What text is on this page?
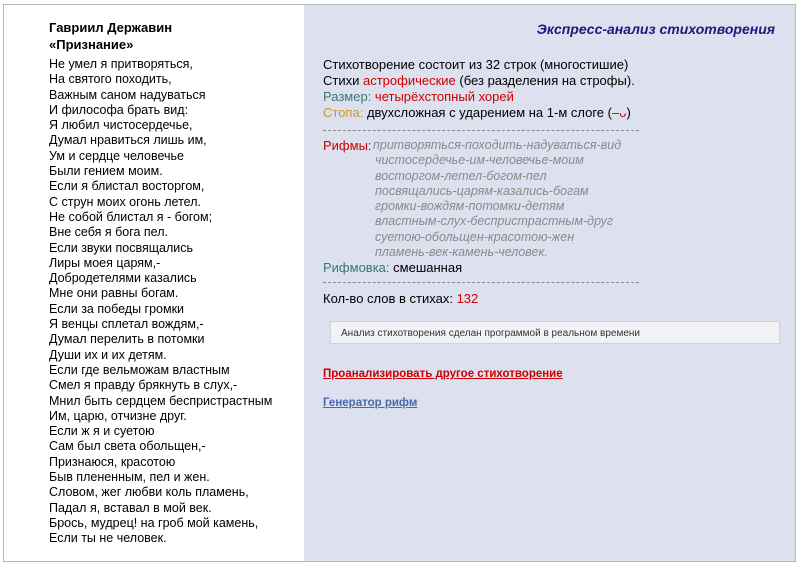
Гавриил Державин
«Признание»
Не умел я притворяться,
На святого походить,
Важным саном надуваться
И философа брать вид:
Я любил чистосердечье,
Думал нравиться лишь им,
Ум и сердце человечье
Были гением моим.
Если я блистал восторгом,
С струн моих огонь летел.
Не собой блистал я - богом;
Вне себя я бога пел.
Если звуки посвящались
Лиры моея царям,-
Добродетелями казались
Мне они равны богам.
Если за победы громки
Я венцы сплетал вождям,-
Думал перелить в потомки
Души их и их детям.
Если где вельможам властным
Смел я правду брякнуть в слух,-
Мнил быть сердцем беспристрастным
Им, царю, отчизне друг.
Если ж я и суетою
Сам был света обольщен,-
Признаюся, красотою
Быв плененным, пел и жен.
Словом, жег любви коль пламень,
Падал я, вставал в мой век.
Брось, мудрец! на гроб мой камень,
Если ты не человек.
Экспресс-анализ стихотворения
Стихотворение состоит из 32 строк (многостишие)
Стихи астрофические (без разделения на строфы).
Размер: четырёхстопный хорей
Стопа: двухсложная с ударением на 1-м слоге (–ᴗ)
Рифмы: притворяться-походить-надуваться-вид
чистосердечье-им-человечье-моим
восторгом-летел-богом-пел
посвящались-царям-казались-богам
громки-вождям-потомки-детям
властным-слух-беспристрастным-друг
суетою-обольщен-красотою-жен
пламень-век-камень-человек.
Рифмовка: смешанная
Кол-во слов в стихах: 132
Анализ стихотворения сделан программой в реальном времени
Проанализировать другое стихотворение
Генератор рифм
